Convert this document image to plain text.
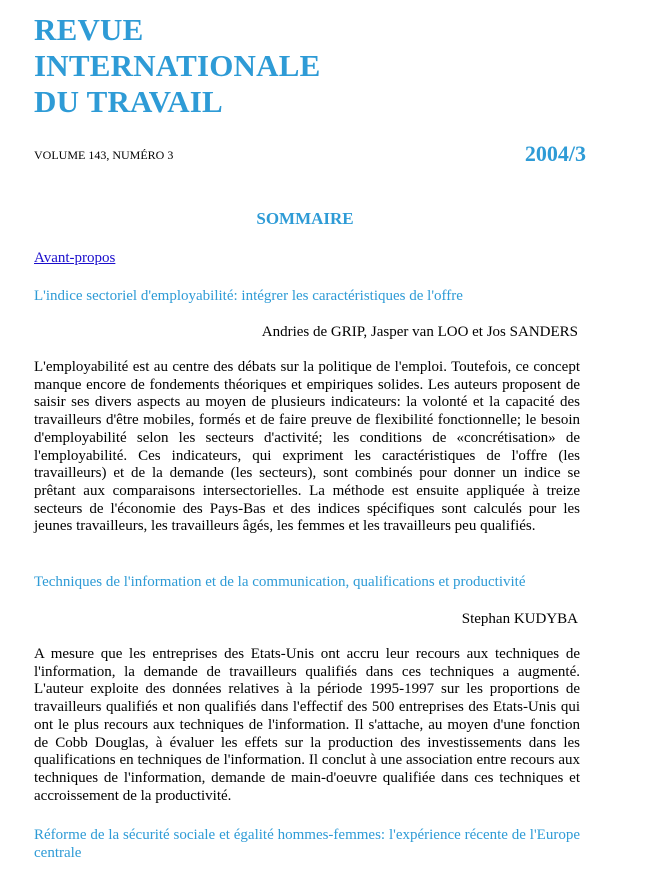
REVUE
INTERNATIONALE
DU TRAVAIL
VOLUME 143, NUMÉRO 3	2004/3
SOMMAIRE
Avant-propos

L'indice sectoriel d'employabilité: intégrer les caractéristiques de l'offre

Andries de GRIP, Jasper van LOO et Jos SANDERS

L'employabilité est au centre des débats sur la politique de l'emploi. Toutefois, ce concept manque encore de fondements théoriques et empiriques solides. Les auteurs proposent de saisir ses divers aspects au moyen de plusieurs indicateurs: la volonté et la capacité des travailleurs d'être mobiles, formés et de faire preuve de flexibilité fonctionnelle; le besoin d'employabilité selon les secteurs d'activité; les conditions de «concrétisation» de l'employabilité. Ces indicateurs, qui expriment les caractéristiques de l'offre (les travailleurs) et de la demande (les secteurs), sont combinés pour donner un indice se prêtant aux comparaisons intersectorielles. La méthode est ensuite appliquée à treize secteurs de l'économie des Pays-Bas et des indices spécifiques sont calculés pour les jeunes travailleurs, les travailleurs âgés, les femmes et les travailleurs peu qualifiés.

Techniques de l'information et de la communication, qualifications et productivité

Stephan KUDYBA

A mesure que les entreprises des Etats-Unis ont accru leur recours aux techniques de l'information, la demande de travailleurs qualifiés dans ces techniques a augmenté. L'auteur exploite des données relatives à la période 1995-1997 sur les proportions de travailleurs qualifiés et non qualifiés dans l'effectif des 500 entreprises des Etats-Unis qui ont le plus recours aux techniques de l'information. Il s'attache, au moyen d'une fonction de Cobb Douglas, à évaluer les effets sur la production des investissements dans les qualifications en techniques de l'information. Il conclut à une association entre recours aux techniques de l'information, demande de main-d'oeuvre qualifiée dans ces techniques et accroissement de la productivité.

Réforme de la sécurité sociale et égalité hommes-femmes: l'expérience récente de l'Europe centrale
